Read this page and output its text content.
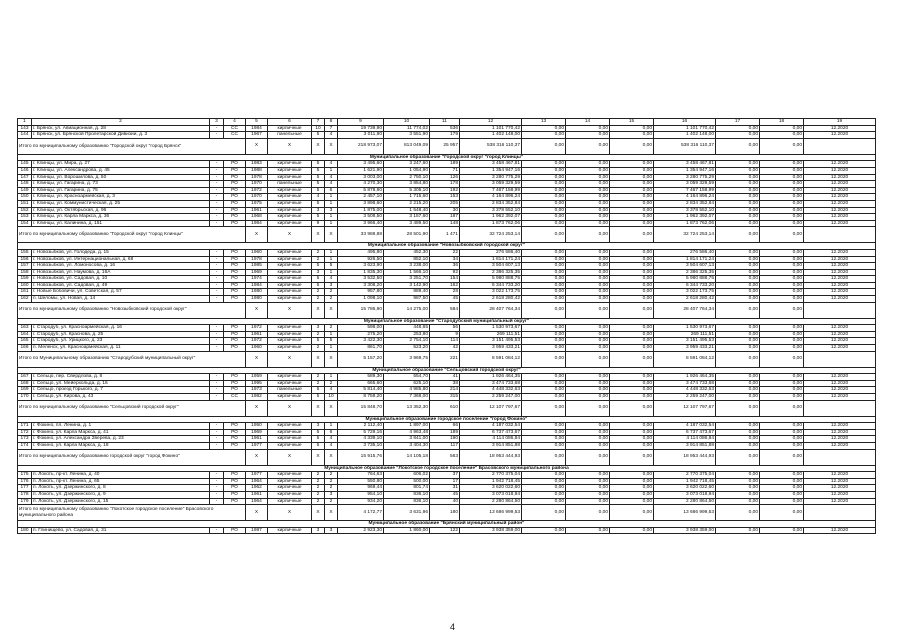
1	2	3	4	5	6	7	8	9	10	11	12	13	14	15	16	17	18	19
143	г. Брянск, ул. Авиационная, д. 28	-	СС	1984	кирпичные	10	7	19 739,90	11 774,02	536	1 101 770,42	0,00	0,00	0,00	1 101 770,42	0,00	0,00	12.2020
144	г. Брянск, ул. Брянской Пролетарской Дивизии, д. 3	-	СС	1967	панельные	5	4	3 011,90	3 551,90	179	1 402 148,00	0,00	0,00	0,00	1 402 148,00	0,00	0,00	12.2020
Итого по муниципальному образованию "Городской округ "город Брянск"				X	X	X	X	218 973,07	813 049,09	25 957	538 316 110,37	0,00	0,00	0,00	538 316 110,37	0,00	0,00	
Муниципальное образование "Городской округ "город Клинцы"																		
145	г. Клинцы, ул. Мира, д. 27	-	РО	1983	кирпичные	5	4	3 495,60	3 247,60	189	3 458 467,81	0,00	0,00	0,00	3 458 467,81	0,00	0,00	12.2020
146	г. Клинцы, ул. Александрова, д. 45	-	РО	1988	кирпичные	5	1	1 621,90	1 054,90	71	1 354 947,16	0,00	0,00	0,00	1 354 947,16	0,00	0,00	12.2020
147	г. Клинцы, ул. Ворошилова, д. 50	-	РО	1978	кирпичные	5	4	3 003,00	2 750,10	126	3 280 775,29	0,00	0,00	0,00	3 280 775,29	0,00	0,00	12.2020
148	г. Клинцы, ул. Гагарина, д. 73	-	РО	1970	панельные	5	4	4 270,30	3 854,80	178	3 059 329,59	0,00	0,00	0,00	3 059 329,59	0,00	0,00	12.2020
149	г. Клинцы, ул. Гагарина, д. 75	-	РО	1972	кирпичные	5	6	5 878,90	5 305,10	192	7 467 158,99	0,00	0,00	0,00	7 467 158,99	0,00	0,00	12.2020
150	г. Клинцы, ул. Красноармейская, д. 3	-	РО	1970	кирпичные	4	1	2 457,10	1 715,60	153	4 164 896,24	0,00	0,00	0,00	4 164 896,24	0,00	0,00	12.2020
151	г. Клинцы, ул. Коммунистическая, д. 25	-	РО	1975	кирпичные	5	1	3 898,60	2 215,20	205	2 834 352,84	0,00	0,00	0,00	2 834 352,84	0,00	0,00	12.2020
152	г. Клинцы, ул. Октябрьская, д. 96	-	РО	1961	кирпичные	3	3	1 875,00	1 548,40	30	3 378 552,10	0,00	0,00	0,00	3 378 552,10	0,00	0,00	12.2020
153	г. Клинцы, ул. Карла Маркса, д. 36	-	РО	1968	кирпичные	5	1	3 508,50	3 157,60	187	1 962 392,07	0,00	0,00	0,00	1 962 392,07	0,00	0,00	12.2020
154	г. Клинцы, ул. Калинина, д. 151	-	РО	1984	кирпичные	9	1	3 966,40	3 489,50	148	1 873 762,06	0,00	0,00	0,00	1 873 762,06	0,00	0,00	12.2020
Итого по муниципальному образованию "Городской округ "город Клинцы"				X	X	X	X	33 988,88	28 501,90	1 471	32 724 253,14	0,00	0,00	0,00	32 724 253,14	0,00	0,00	
Муниципальное образование "Новозыбковский городской округ"																		
155	г. Новозыбков, ул. Голодеда, д. 15	-	РО	1960	кирпичные	2	1	495,80	452,30	22	276 586,40	0,00	0,00	0,00	276 586,40	0,00	0,00	12.2020
156	г. Новозыбков, ул. Интернациональная, д. 68	-	РО	1978	кирпичные	2	1	926,50	852,10	34	1 814 171,24	0,00	0,00	0,00	1 814 171,24	0,00	0,00	12.2020
157	г. Новозыбков, ул. Ломоносова, д. 16	-	РО	1985	кирпичные	5	5	3 623,90	3 238,00	36	3 504 607,13	0,00	0,00	0,00	3 504 607,13	0,00	0,00	12.2020
158	г. Новозыбков, ул. Наумова, д. 16А	-	РО	1969	кирпичные	3	1	1 835,30	1 566,10	92	2 386 325,35	0,00	0,00	0,00	2 386 325,35	0,00	0,00	12.2020
159	г. Новозыбков, ул. Садовая, д. 10	-	РО	1974	кирпичные	5	4	3 532,50	3 251,70	154	5 980 888,75	0,00	0,00	0,00	5 980 888,75	0,00	0,00	12.2020
160	г. Новозыбков, ул. Садовая, д. 49	-	РО	1984	кирпичные	5	3	3 308,20	3 142,90	162	6 344 733,20	0,00	0,00	0,00	6 344 733,20	0,00	0,00	12.2020
161	г. Новые Бобовичи, ул. Советская, д. 57	-	РО	1980	кирпичные	2	2	957,80	889,40	28	3 022 173,75	0,00	0,00	0,00	3 022 173,75	0,00	0,00	12.2020
162	п. Шеломы, ул. Новая, д. 14	-	РО	1980	кирпичные	2	2	1 098,10	987,50	45	2 618 280,42	0,00	0,00	0,00	2 618 280,42	0,00	0,00	12.2020
Итого по муниципальному образованию "Новозыбковский городской округ"				X	X	X	X	15 786,90	14 275,00	584	28 407 764,34	0,00	0,00	0,00	28 407 764,34	0,00	0,00	
Муниципальное образование "Стародубский муниципальный округ"																		
163	г. Стародуб, ул. Красноармейская, д. 16	-	РО	1972	кирпичные	3	2	598,00	448,65	56	1 530 973,67	0,00	0,00	0,00	1 530 973,67	0,00	0,00	12.2020
164	г. Стародуб, ул. Краснова, д. 25	-	РО	1961	кирпичные	2	1	275,20	253,80	9	269 111,51	0,00	0,00	0,00	269 111,51	0,00	0,00	12.2020
165	г. Стародуб, ул. Урицкого, д. 23	-	РО	1972	кирпичные	5	5	3 422,30	2 754,10	114	3 151 495,53	0,00	0,00	0,00	3 151 495,53	0,00	0,00	12.2020
166	п. Меленск, ул. Красноармейская, д. 11	-	РО	1960	кирпичные	2	1	861,70	523,20	42	3 959 433,21	0,00	0,00	0,00	3 959 433,21	0,00	0,00	12.2020
Итого по Муниципальному образованию "Стародубский муниципальный округ"				X	X	X	X	5 157,20	3 969,75	221	8 591 084,12	0,00	0,00	0,00	8 591 084,12	0,00	0,00	
Муниципальное образование "Сельцовский городской округ"																		
167	г. Сельцо, пер. Свердлова, д. 8	-	РО	1959	кирпичные	2	1	589,30	554,70	41	1 926 464,35	0,00	0,00	0,00	1 926 464,35	0,00	0,00	12.2020
168	г. Сельцо, ул. Мейерхольда, д. 16	-	РО	1995	кирпичные	2	2	665,60	625,10	38	3 474 733,68	0,00	0,00	0,00	3 474 733,68	0,00	0,00	12.2020
169	г. Сельцо, проезд Горького, д. 7	-	РО	1973	панельные	5	4	5 814,40	4 985,80	214	4 448 332,63	0,00	0,00	0,00	4 448 332,63	0,00	0,00	12.2020
170	г. Сельцо, ул. Кирова, д. 43	-	СС	1982	кирпичные	5	10	8 759,20	7 368,00	315	2 259 247,00	0,00	0,00	0,00	2 259 247,00	0,00	0,00	12.2020
Итого по муниципальному образованию "Сельцовский городской округ"				X	X	X	X	15 848,70	13 352,30	610	12 107 797,67	0,00	0,00	0,00	12 107 797,67	0,00	0,00	
Муниципальное образование городское поселение "город Фокино"																		
171	г. Фокино, пл. Ленина, д. 1	-	РО	1950	кирпичные	3	1	2 112,40	1 897,00	66	4 187 032,54	0,00	0,00	0,00	4 187 032,54	0,00	0,00	12.2020
172	г. Фокино, ул. Карла Маркса, д. 41	-	РО	1969	кирпичные	5	6	5 729,16	4 963,48	189	6 737 473,67	0,00	0,00	0,00	6 737 473,67	0,00	0,00	12.2020
173	г. Фокино, ул. Александра Зверева, д. 23	-	РО	1961	кирпичные	5	4	4 339,10	3 841,00	190	4 114 086,84	0,00	0,00	0,00	4 114 086,84	0,00	0,00	12.2020
174	г. Фокино, ул. Карла Маркса, д. 18	-	РО	1977	кирпичные	5	4	3 735,10	3 404,30	117	3 914 851,88	0,00	0,00	0,00	3 914 851,88	0,00	0,00	12.2020
Итого по муниципальному образованию городской округ "город Фокино"				X	X	X	X	15 915,76	14 105,18	563	18 953 444,93	0,00	0,00	0,00	18 953 444,93	0,00	0,00	
Муниципальное образование "Локотское городское поселение" Брасовского муниципального района																		
175	п. Локоть, пр-кт. Ленина, д. 40	-	РО	1977	кирпичные	2	2	764,63	606,02	37	2 770 375,04	0,00	0,00	0,00	2 770 375,04	0,00	0,00	12.2020
176	п. Локоть, пр-кт. Ленина, д. 65	-	РО	1964	кирпичные	2	2	550,80	500,00	17	1 942 718,45	0,00	0,00	0,00	1 942 718,45	0,00	0,00	12.2020
177	п. Локоть, ул. Дзержинского, д. 8	-	РО	1962	кирпичные	2	2	969,44	801,74	31	3 620 022,60	0,00	0,00	0,00	3 620 022,60	0,00	0,00	12.2020
178	п. Локоть, ул. Дзержинского, д. 9	-	РО	1961	кирпичные	2	3	954,10	836,10	45	3 073 018,94	0,00	0,00	0,00	3 073 018,94	0,00	0,00	12.2020
179	п. Локоть, ул. Дзержинского, д. 15	-	РО	1964	кирпичные	2	2	934,20	836,10	40	2 280 864,50	0,00	0,00	0,00	2 280 864,50	0,00	0,00	12.2020
Итого по муниципальному образованию "Локотское городское поселение" Брасовского муниципального района				X	X	X	X	4 172,77	3 631,96	180	13 686 999,53	0,00	0,00	0,00	13 686 999,53	0,00	0,00	
Муниципальное образование "Брянский муниципальный район"																		
180	п. Глинищево, ул. Садовая, д. 31	-	РО	1987	кирпичные	3	3	2 923,30	1 860,00	122	3 938 359,00	0,00	0,00	0,00	3 938 359,00	0,00	0,00	12.2020
4
